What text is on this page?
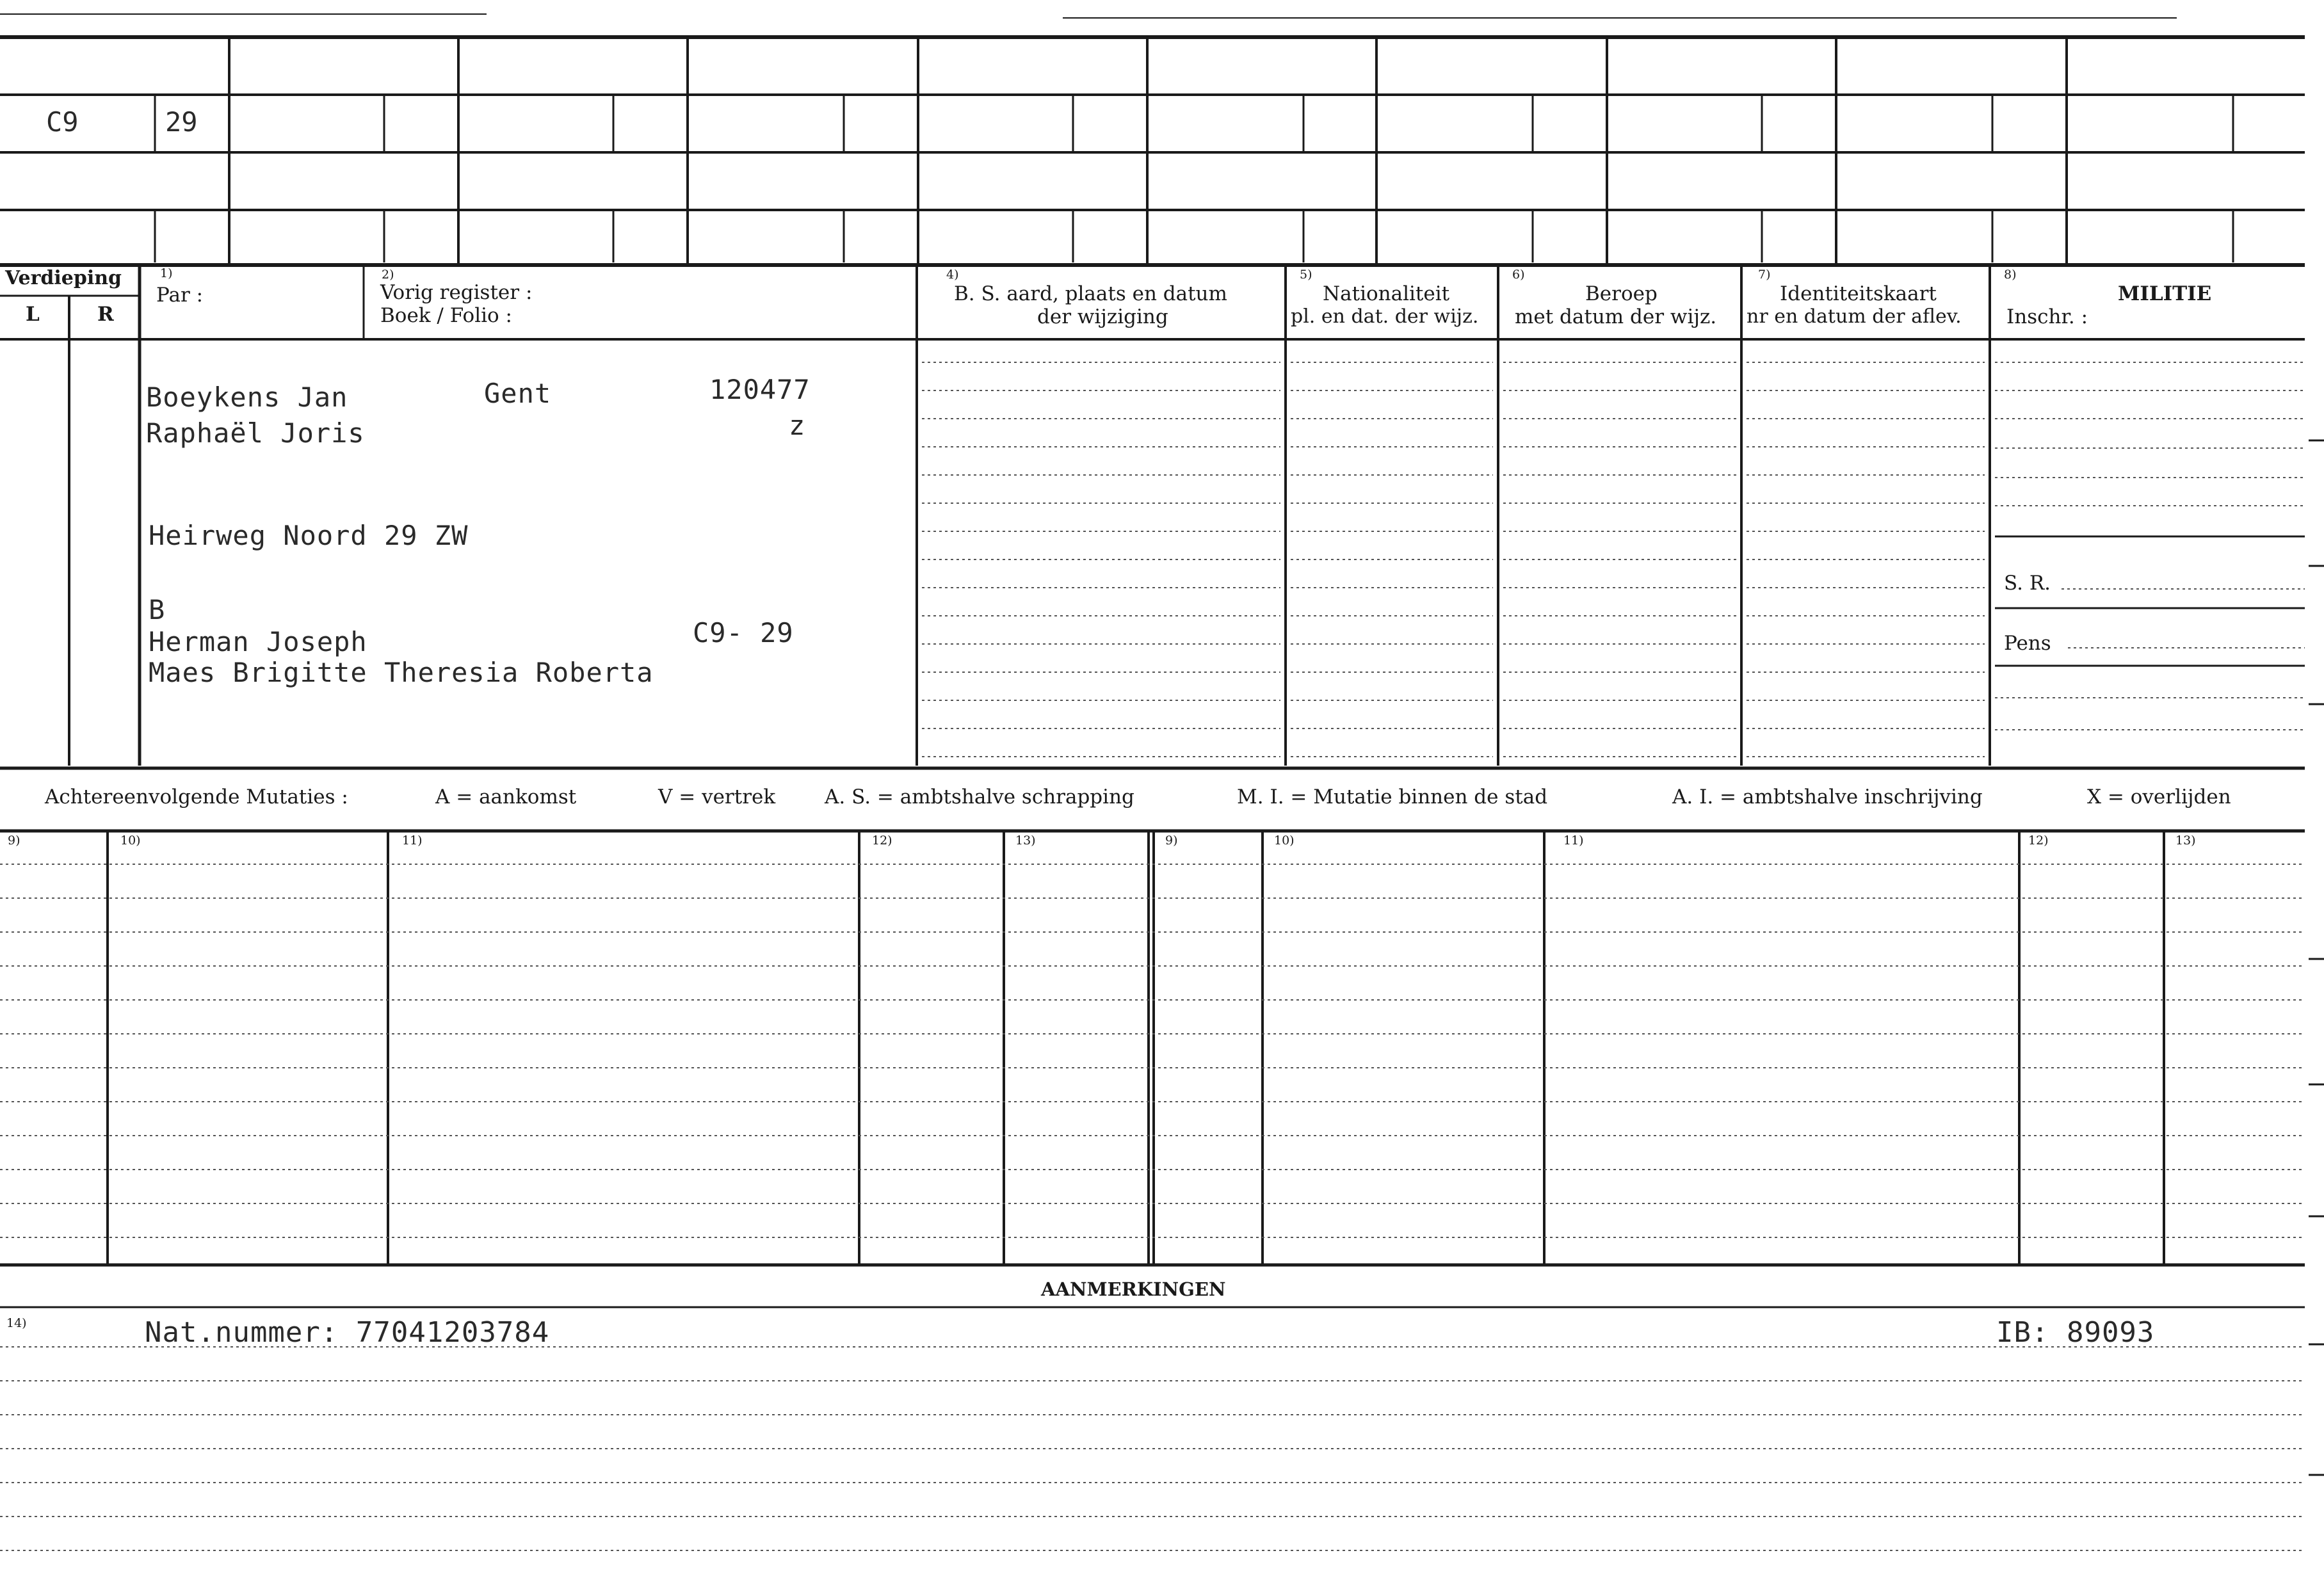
C9	29
Verdieping
L	R
1)
Par :
2)
Vorig register :
Boek / Folio :
4)
B. S. aard, plaats en datum
der wijziging
5)
Nationaliteit
pl. en dat. der wijz.
6)
Beroep
met datum der wijz.
7)
Identiteitskaart
nr en datum der aflev.
8)
MILITIE
Inschr. :
S. R.
Pens
Boeykens Jan	Gent	120477
Raphaël Joris	z
Heirweg Noord 29 ZW
B
Herman Joseph	C9- 29
Maes Brigitte Theresia Roberta
Achtereenvolgende Mutaties :	A = aankomst	V = vertrek A. S. = ambtshalve schrapping	M. I. = Mutatie binnen de stad	A. I. = ambtshalve inschrijving	X = overlijden
9)	10)	11)	12)	13)	9)	10)	11)	12)	13)
AANMERKINGEN
14)	Nat.nummer: 77041203784	IB: 89093
